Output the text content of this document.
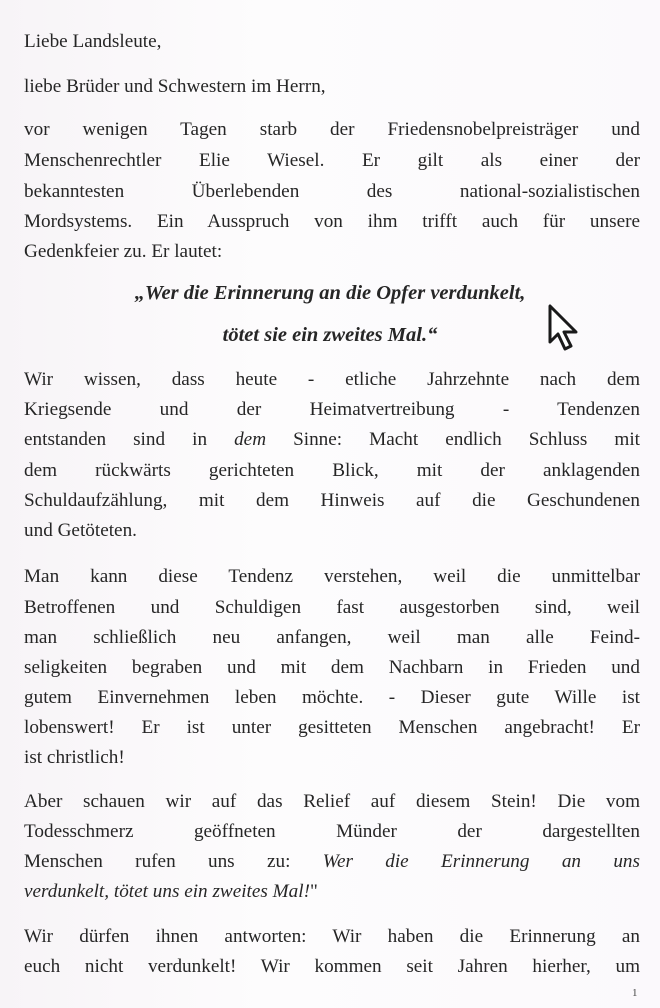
Liebe Landsleute,
liebe Brüder und Schwestern im Herrn,
vor wenigen Tagen starb der Friedensnobelpreisträger und
Menschenrechtler Elie Wiesel. Er gilt als einer der
bekanntesten Überlebenden des national-sozialistischen
Mordsystems. Ein Ausspruch von ihm trifft auch für unsere
Gedenkfeier zu. Er lautet:
„Wer die Erinnerung an die Opfer verdunkelt,
tötet sie ein zweites Mal.“
Wir wissen, dass heute - etliche Jahrzehnte nach dem
Kriegsende und der Heimatvertreibung - Tendenzen
entstanden sind in dem Sinne: Macht endlich Schluss mit
dem rückwärts gerichteten Blick, mit der anklagenden
Schuldaufzählung, mit dem Hinweis auf die Geschundenen
und Getöteten.
Man kann diese Tendenz verstehen, weil die unmittelbar
Betroffenen und Schuldigen fast ausgestorben sind, weil
man schließlich neu anfangen, weil man alle Feind-
seligkeiten begraben und mit dem Nachbarn in Frieden und
gutem Einvernehmen leben möchte. - Dieser gute Wille ist
lobenswert! Er ist unter gesitteten Menschen angebracht! Er
ist christlich!
Aber schauen wir auf das Relief auf diesem Stein! Die vom
Todesschmerz geöffneten Münder der dargestellten
Menschen rufen uns zu: Wer die Erinnerung an uns
verdunkelt, tötet uns ein zweites Mal!"
Wir dürfen ihnen antworten: Wir haben die Erinnerung an
euch nicht verdunkelt! Wir kommen seit Jahren hierher, um
1
